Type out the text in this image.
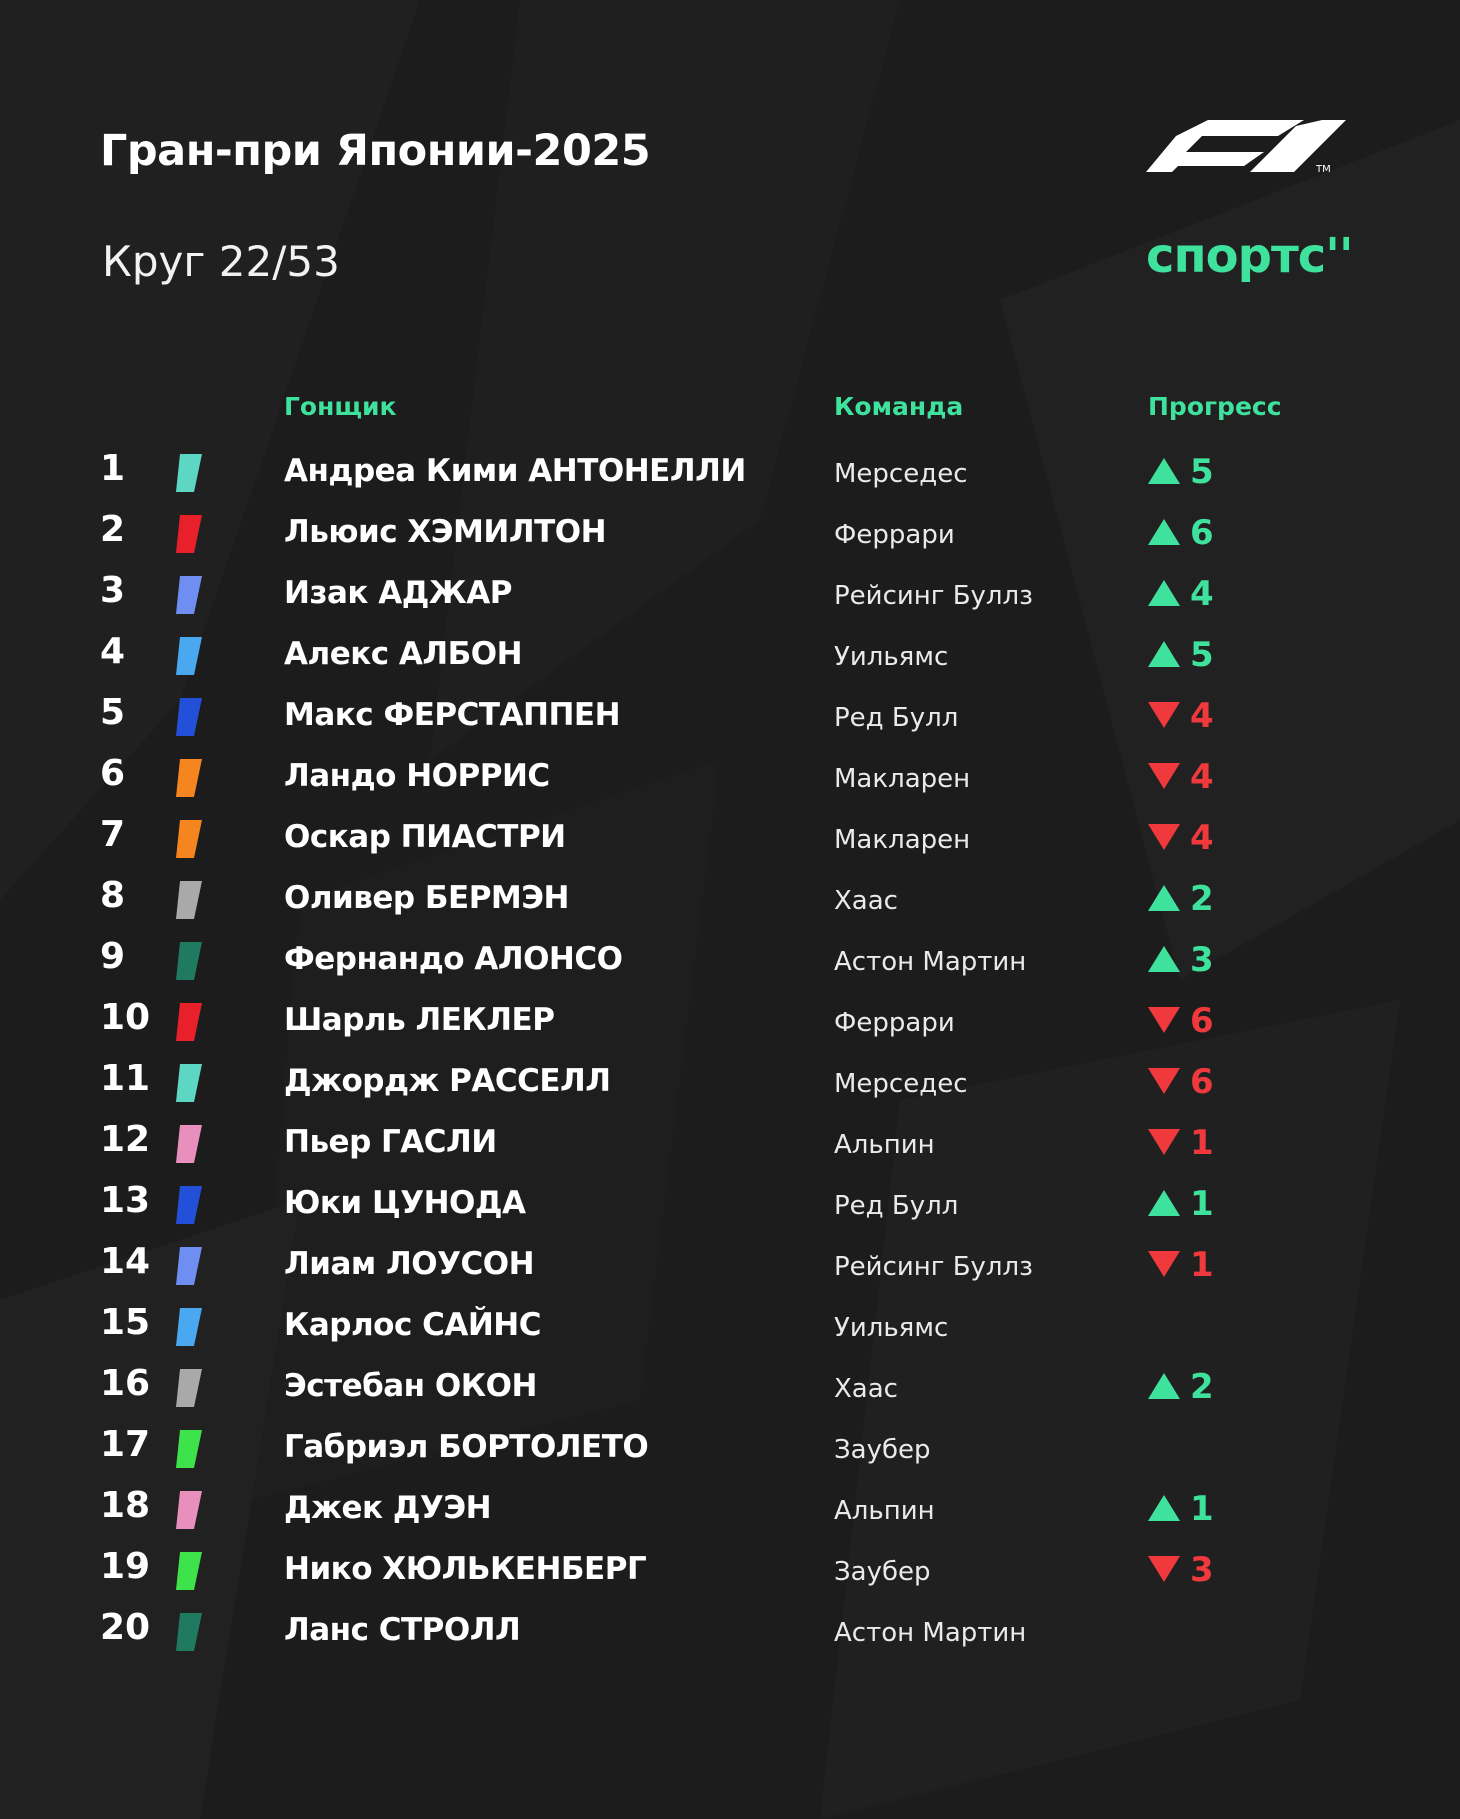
Гран-при Японии-2025
Круг 22/53
TM
спортс''
Гонщик	Команда	Прогресс
1	Андреа Кими АНТОНЕЛЛИ	Мерседес	5
2	Льюис ХЭМИЛТОН	Феррари	6
3	Изак АДЖАР	Рейсинг Буллз	4
4	Алекс АЛБОН	Уильямс	5
5	Макс ФЕРСТАППЕН	Ред Булл	4
6	Ландо НОРРИС	Макларен	4
7	Оскар ПИАСТРИ	Макларен	4
8	Оливер БЕРМЭН	Хаас	2
9	Фернандо АЛОНСО	Астон Мартин	3
10	Шарль ЛЕКЛЕР	Феррари	6
11	Джордж РАССЕЛЛ	Мерседес	6
12	Пьер ГАСЛИ	Альпин	1
13	Юки ЦУНОДА	Ред Булл	1
14	Лиам ЛОУСОН	Рейсинг Буллз	1
15	Карлос САЙНС	Уильямс
16	Эстебан ОКОН	Хаас	2
17	Габриэл БОРТОЛЕТО	Заубер
18	Джек ДУЭН	Альпин	1
19	Нико ХЮЛЬКЕНБЕРГ	Заубер	3
20	Ланс СТРОЛЛ	Астон Мартин
